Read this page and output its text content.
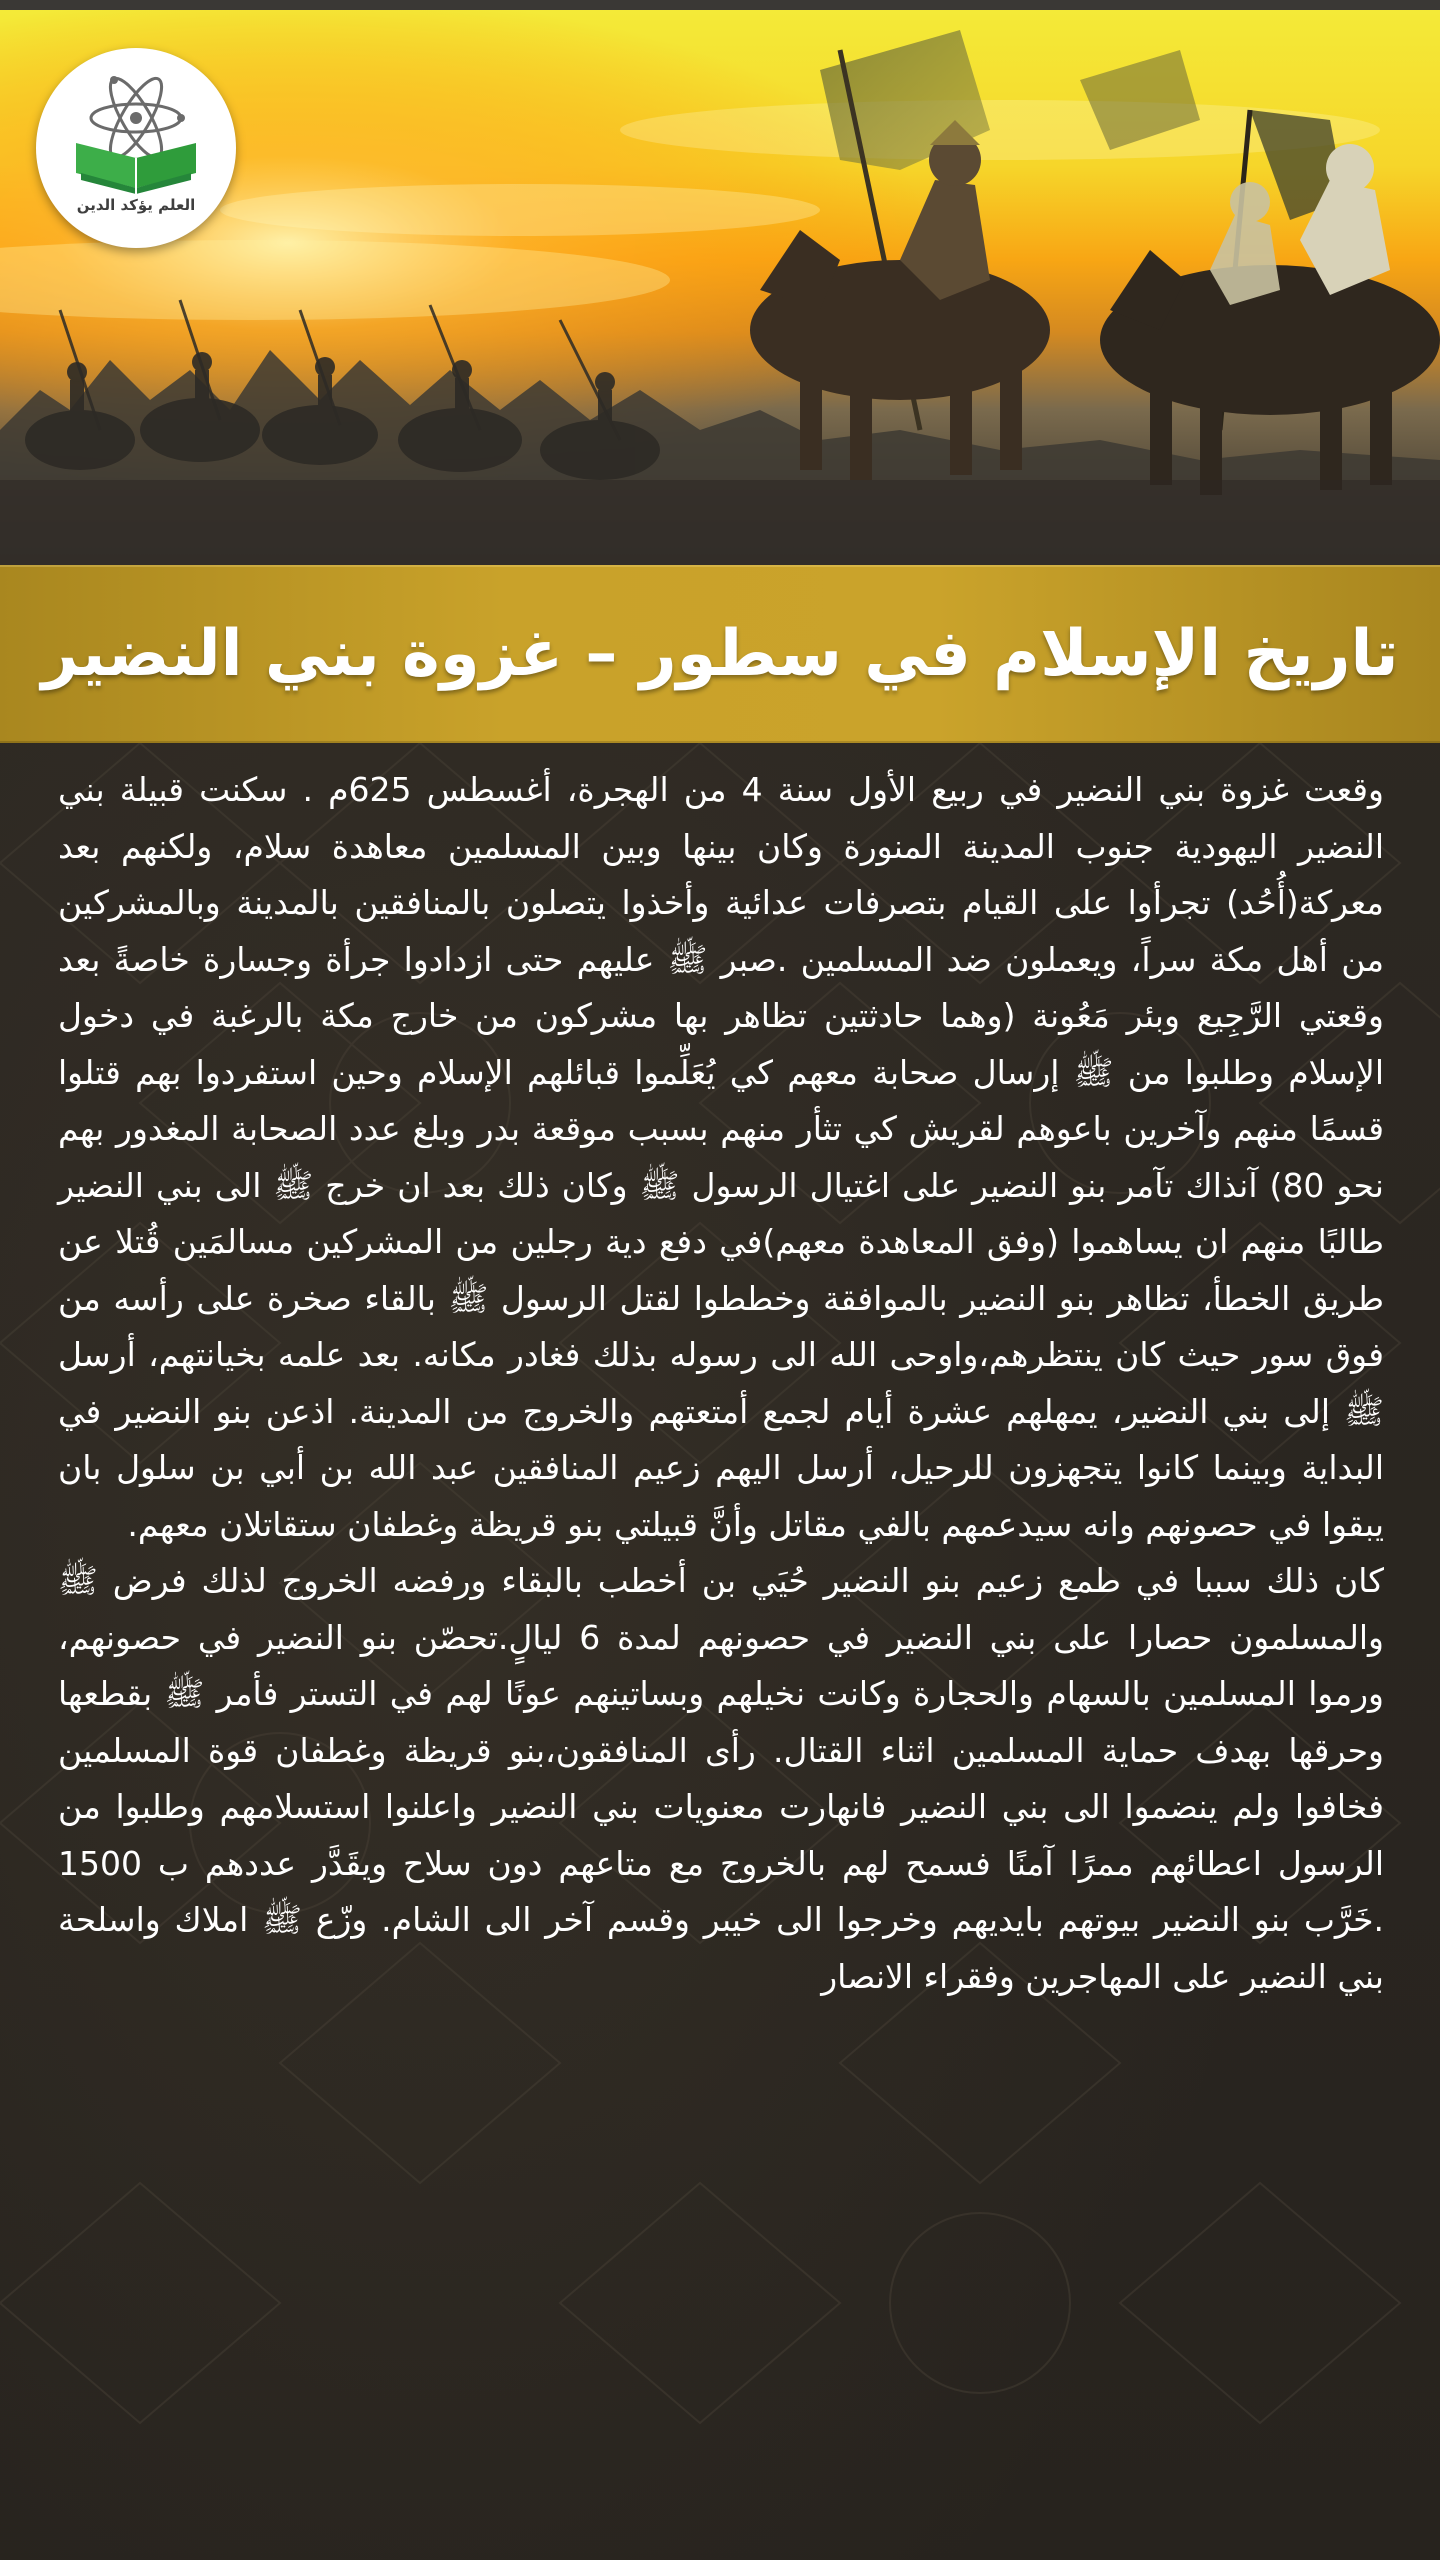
العلم يؤكد الدين
تاريخ الإسلام في سطور – غزوة بني النضير

وقعت غزوة بني النضير في ربيع الأول سنة 4 من الهجرة، أغسطس 625م . سكنت قبيلة بني النضير اليهودية جنوب المدينة المنورة وكان بينها وبين المسلمين معاهدة سلام، ولكنهم بعد معركة(أُحُد) تجرأوا على القيام بتصرفات عدائية وأخذوا يتصلون بالمنافقين بالمدينة وبالمشركين من أهل مكة سراً، ويعملون ضد المسلمين .صبر ﷺ عليهم حتى ازدادوا جرأة وجسارة خاصةً بعد وقعتي الرَّجِيع وبئر مَعُونة (وهما حادثتين تظاهر بها مشركون من خارج مكة بالرغبة في دخول الإسلام وطلبوا من ﷺ إرسال صحابة معهم كي يُعَلِّموا قبائلهم الإسلام وحين استفردوا بهم قتلوا قسمًا منهم وآخرين باعوهم لقريش كي تثأر منهم بسبب موقعة بدر وبلغ عدد الصحابة المغدور بهم نحو 80) آنذاك تآمر بنو النضير على اغتيال الرسول ﷺ وكان ذلك بعد ان خرج ﷺ الى بني النضير طالبًا منهم ان يساهموا (وفق المعاهدة معهم)في دفع دية رجلين من المشركين مسالمَين قُتلا عن طريق الخطأ، تظاهر بنو النضير بالموافقة وخططوا لقتل الرسول ﷺ بالقاء صخرة على رأسه من فوق سور حيث كان ينتظرهم،واوحى الله الى رسوله بذلك فغادر مكانه. بعد علمه بخيانتهم، أرسل ﷺ إلى بني النضير، يمهلهم عشرة أيام لجمع أمتعتهم والخروج من المدينة. اذعن بنو النضير في البداية وبينما كانوا يتجهزون للرحيل، أرسل اليهم زعيم المنافقين عبد الله بن أبي بن سلول بان يبقوا في حصونهم وانه سيدعمهم بالفي مقاتل وأنَّ قبيلتي بنو قريظة وغطفان ستقاتلان معهم.

كان ذلك سببا في طمع زعيم بنو النضير حُيَي بن أخطب بالبقاء ورفضه الخروج لذلك فرض ﷺ والمسلمون حصارا على بني النضير في حصونهم لمدة 6 ليالٍ.تحصّن بنو النضير في حصونهم، ورموا المسلمين بالسهام والحجارة وكانت نخيلهم وبساتينهم عونًا لهم في التستر فأمر ﷺ بقطعها وحرقها بهدف حماية المسلمين اثناء القتال. رأى المنافقون،بنو قريظة وغطفان قوة المسلمين فخافوا ولم ينضموا الى بني النضير فانهارت معنويات بني النضير واعلنوا استسلامهم وطلبوا من الرسول اعطائهم ممرًا آمنًا فسمح لهم بالخروج مع متاعهم دون سلاح ويقَدَّر عددهم ب 1500 .خَرَّب بنو النضير بيوتهم بايديهم وخرجوا الى خيبر وقسم آخر الى الشام. وزّع ﷺ املاك واسلحة بني النضير على المهاجرين وفقراء الانصار
